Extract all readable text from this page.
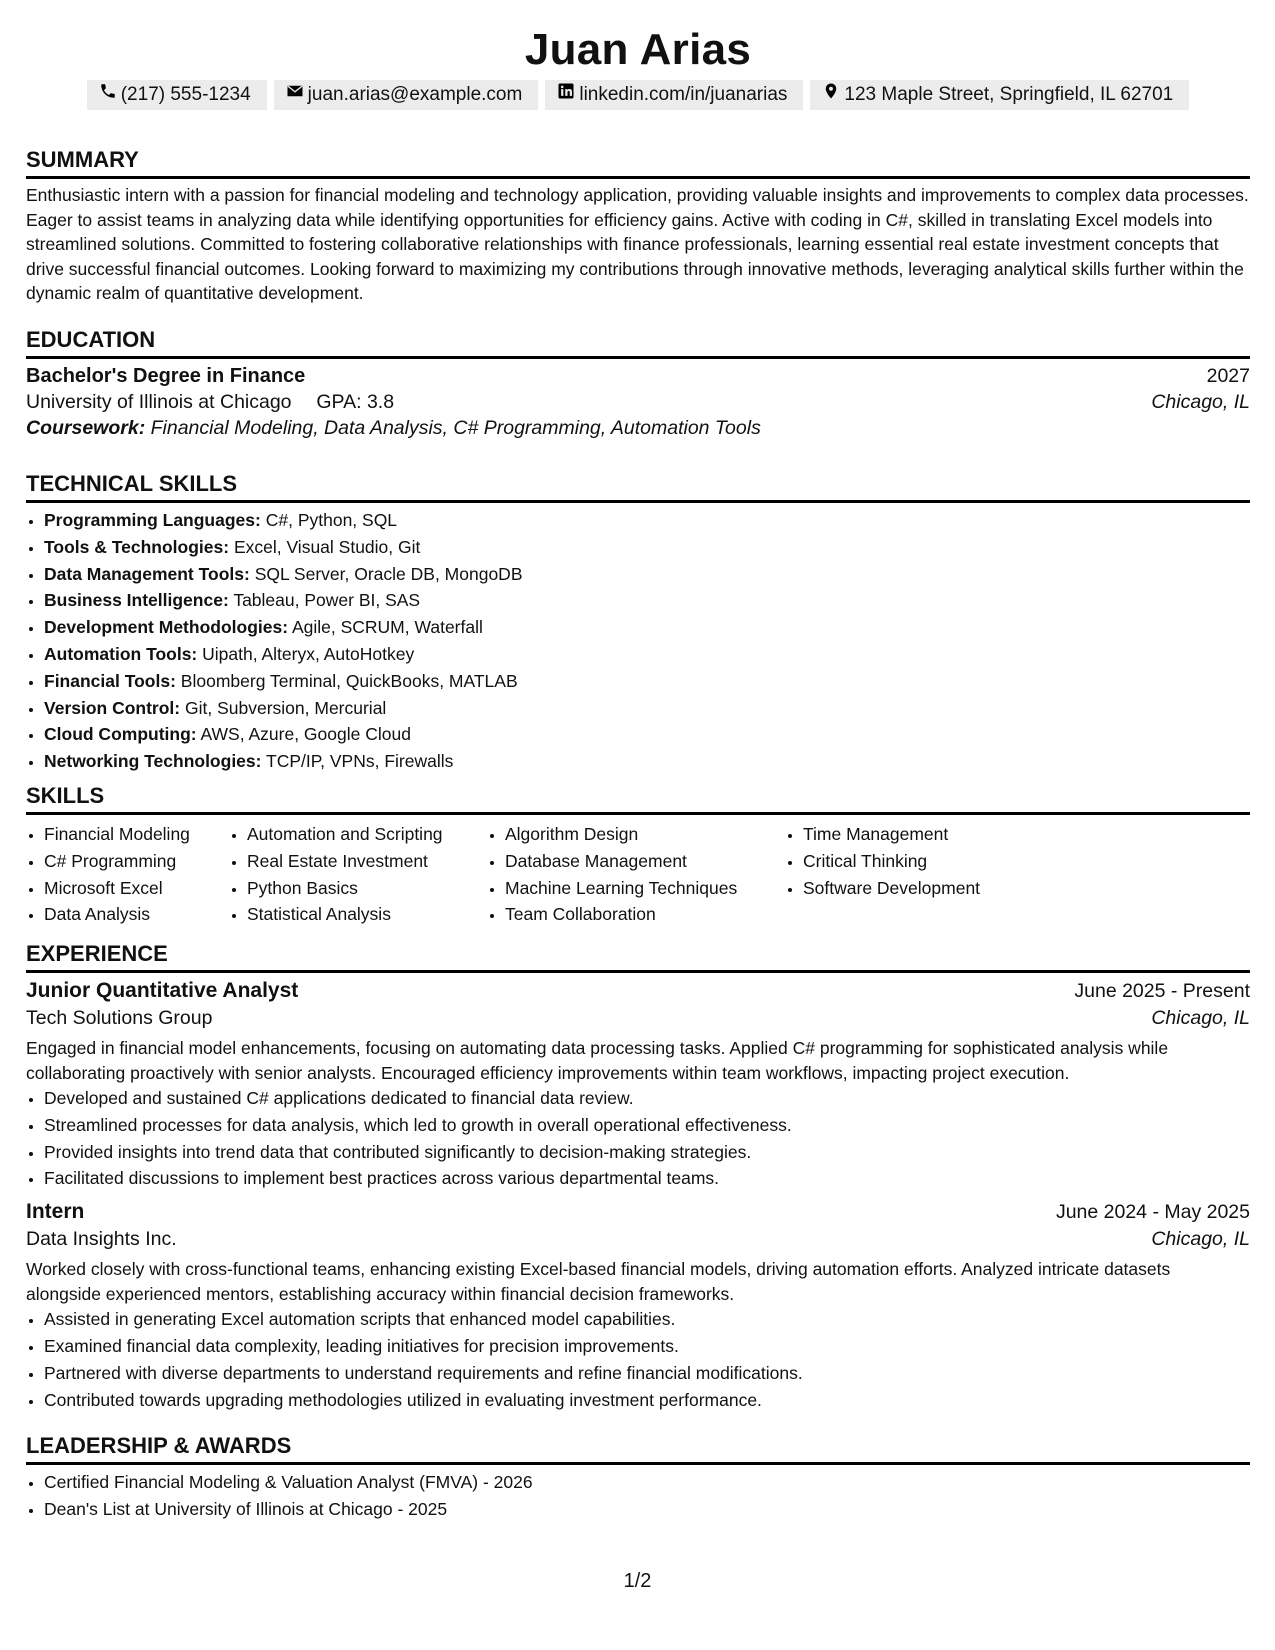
Juan Arias
(217) 555-1234	juan.arias@example.com	linkedin.com/in/juanarias	123 Maple Street, Springfield, IL 62701
SUMMARY

Enthusiastic intern with a passion for financial modeling and technology application, providing valuable insights and improvements to complex data processes. Eager to assist teams in analyzing data while identifying opportunities for efficiency gains. Active with coding in C#, skilled in translating Excel models into streamlined solutions. Committed to fostering collaborative relationships with finance professionals, learning essential real estate investment concepts that drive successful financial outcomes. Looking forward to maximizing my contributions through innovative methods, leveraging analytical skills further within the dynamic realm of quantitative development.

EDUCATION
Bachelor's Degree in Finance	2027
University of Illinois at Chicago GPA: 3.8	Chicago, IL
Coursework: Financial Modeling, Data Analysis, C# Programming, Automation Tools
TECHNICAL SKILLS
• Programming Languages: C#, Python, SQL
• Tools & Technologies: Excel, Visual Studio, Git
• Data Management Tools: SQL Server, Oracle DB, MongoDB
• Business Intelligence: Tableau, Power BI, SAS
• Development Methodologies: Agile, SCRUM, Waterfall
• Automation Tools: Uipath, Alteryx, AutoHotkey
• Financial Tools: Bloomberg Terminal, QuickBooks, MATLAB
• Version Control: Git, Subversion, Mercurial
• Cloud Computing: AWS, Azure, Google Cloud
• Networking Technologies: TCP/IP, VPNs, Firewalls
SKILLS
• Financial Modeling
• C# Programming
• Microsoft Excel
• Data Analysis
• Automation and Scripting
• Real Estate Investment
• Python Basics
• Statistical Analysis
• Algorithm Design
• Database Management
• Machine Learning Techniques
• Team Collaboration
• Time Management
• Critical Thinking
• Software Development
EXPERIENCE
Junior Quantitative Analyst	June 2025 - Present
Tech Solutions Group	Chicago, IL

Engaged in financial model enhancements, focusing on automating data processing tasks. Applied C# programming for sophisticated analysis while collaborating proactively with senior analysts. Encouraged efficiency improvements within team workflows, impacting project execution.

• Developed and sustained C# applications dedicated to financial data review.
• Streamlined processes for data analysis, which led to growth in overall operational effectiveness.
• Provided insights into trend data that contributed significantly to decision-making strategies.
• Facilitated discussions to implement best practices across various departmental teams.
Intern	June 2024 - May 2025
Data Insights Inc.	Chicago, IL

Worked closely with cross-functional teams, enhancing existing Excel-based financial models, driving automation efforts. Analyzed intricate datasets alongside experienced mentors, establishing accuracy within financial decision frameworks.

• Assisted in generating Excel automation scripts that enhanced model capabilities.
• Examined financial data complexity, leading initiatives for precision improvements.
• Partnered with diverse departments to understand requirements and refine financial modifications.
• Contributed towards upgrading methodologies utilized in evaluating investment performance.
LEADERSHIP & AWARDS
• Certified Financial Modeling & Valuation Analyst (FMVA) - 2026
• Dean's List at University of Illinois at Chicago - 2025
1/2
